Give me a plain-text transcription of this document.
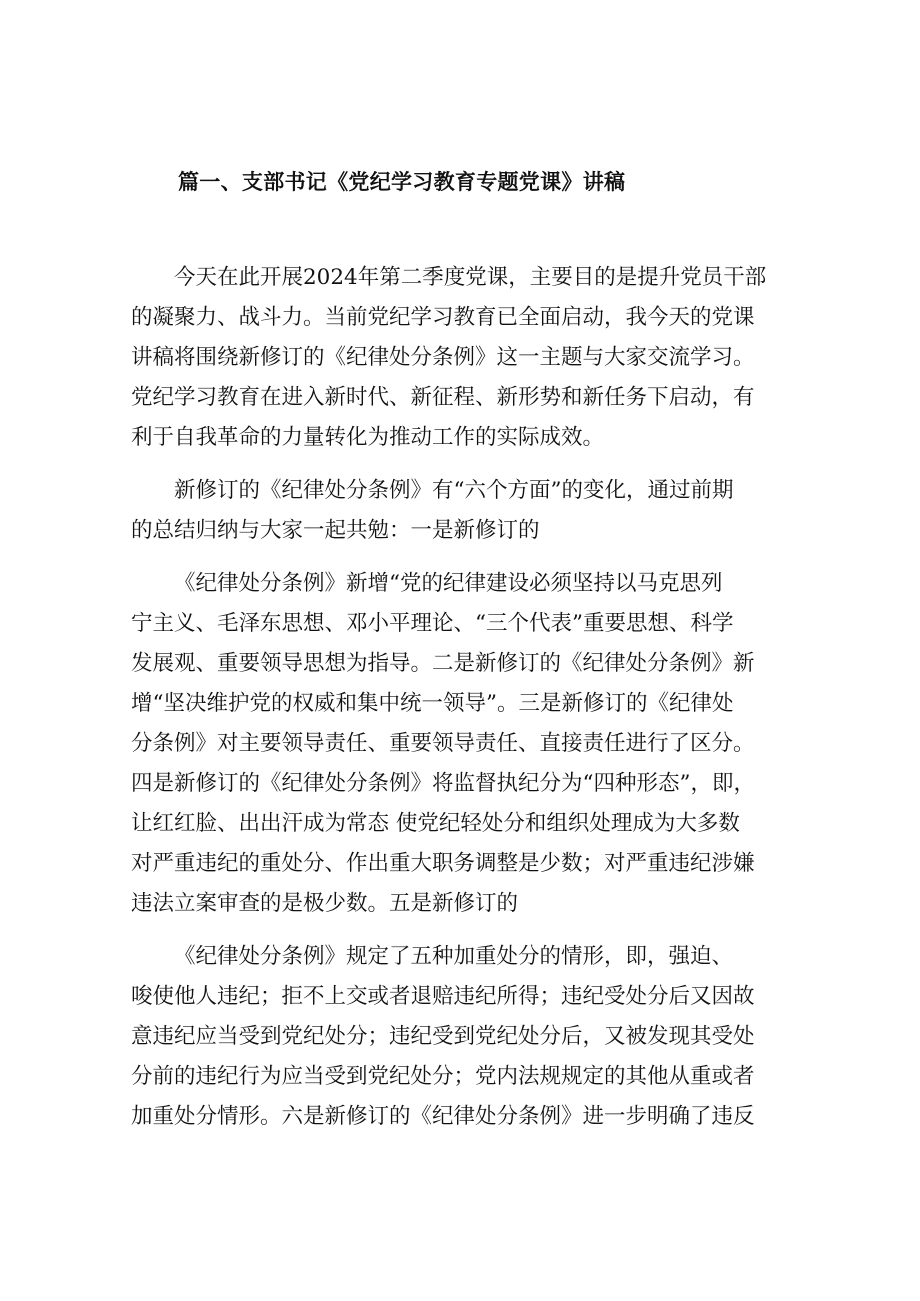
篇一、支部书记《党纪学习教育专题党课》讲稿
今天在此开展2024年第二季度党课，主要目的是提升党员干部
的凝聚力、战斗力。当前党纪学习教育已全面启动，我今天的党课
讲稿将围绕新修订的《纪律处分条例》这一主题与大家交流学习。
党纪学习教育在进入新时代、新征程、新形势和新任务下启动，有
利于自我革命的力量转化为推动工作的实际成效。
新修订的《纪律处分条例》有“六个方面”的变化，通过前期
的总结归纳与大家一起共勉：一是新修订的
《纪律处分条例》新增“党的纪律建设必须坚持以马克思列
宁主义、毛泽东思想、邓小平理论、“三个代表”重要思想、科学
发展观、重要领导思想为指导。二是新修订的《纪律处分条例》新
增“坚决维护党的权威和集中统一领导”。三是新修订的《纪律处
分条例》对主要领导责任、重要领导责任、直接责任进行了区分。
四是新修订的《纪律处分条例》将监督执纪分为“四种形态”，即，
让红红脸、出出汗成为常态 使党纪轻处分和组织处理成为大多数
对严重违纪的重处分、作出重大职务调整是少数；对严重违纪涉嫌
违法立案审查的是极少数。五是新修订的
《纪律处分条例》规定了五种加重处分的情形，即，强迫、
唆使他人违纪；拒不上交或者退赔违纪所得；违纪受处分后又因故
意违纪应当受到党纪处分；违纪受到党纪处分后，又被发现其受处
分前的违纪行为应当受到党纪处分；党内法规规定的其他从重或者
加重处分情形。六是新修订的《纪律处分条例》进一步明确了违反
